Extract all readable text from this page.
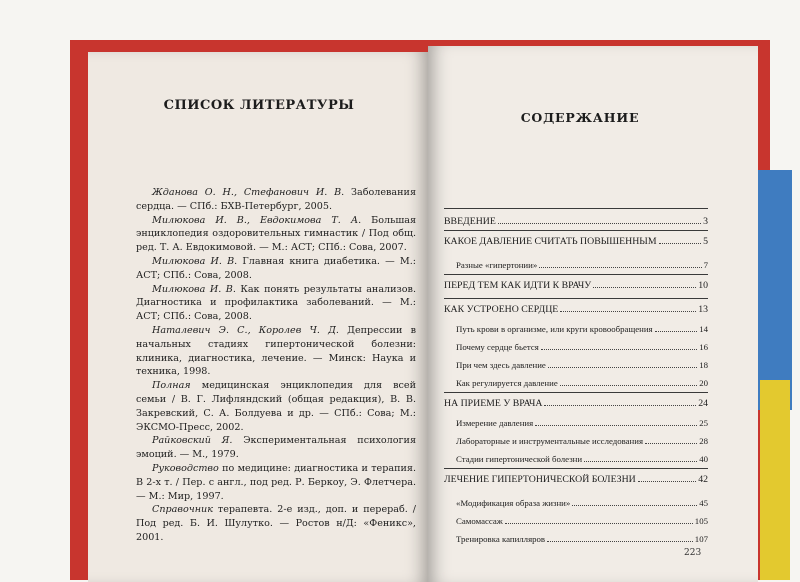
СПИСОК ЛИТЕРАТУРЫ

Жданова О. Н., Стефанович И. В. Заболевания сердца. — СПб.: БХВ-Петербург, 2005.

Милюкова И. В., Евдокимова Т. А. Большая энциклопедия оздоровительных гимнастик / Под общ. ред. Т. А. Евдокимовой. — М.: АСТ; СПб.: Сова, 2007.

Милюкова И. В. Главная книга диабетика. — М.: АСТ; СПб.: Сова, 2008.

Милюкова И. В. Как понять результаты анализов. Диагностика и профилактика заболеваний. — М.: АСТ; СПб.: Сова, 2008.

Наталевич Э. С., Королев Ч. Д. Депрессии в начальных стадиях гипертонической болезни: клиника, диагностика, лечение. — Минск: Наука и техника, 1998.

Полная медицинская энциклопедия для всей семьи / В. Г. Лифляндский (общая редакция), В. В. Закревский, С. А. Болдуева и др. — СПб.: Сова; М.: ЭКСМО-Пресс, 2002.

Райковский Я. Экспериментальная психология эмоций. — М., 1979.

Руководство по медицине: диагностика и терапия. В 2-х т. / Пер. с англ., под ред. Р. Беркоу, Э. Флетчера. — М.: Мир, 1997.

Справочник терапевта. 2-е изд., доп. и перераб. / Под ред. Б. И. Шулутко. — Ростов н/Д: «Феникс», 2001.

СОДЕРЖАНИЕ
ВВЕДЕНИЕ	3
КАКОЕ ДАВЛЕНИЕ СЧИТАТЬ ПОВЫШЕННЫМ	5
Разные «гипертонии»	7
ПЕРЕД ТЕМ КАК ИДТИ К ВРАЧУ	10
КАК УСТРОЕНО СЕРДЦЕ	13
Путь крови в организме, или круги кровообращения	14
Почему сердце бьется	16
При чем здесь давление	18
Как регулируется давление	20
НА ПРИЕМЕ У ВРАЧА	24
Измерение давления	25
Лабораторные и инструментальные исследования	28
Стадии гипертонической болезни	40
ЛЕЧЕНИЕ ГИПЕРТОНИЧЕСКОЙ БОЛЕЗНИ	42
«Модификация образа жизни»	45
Самомассаж	105
Тренировка капилляров	107
223
